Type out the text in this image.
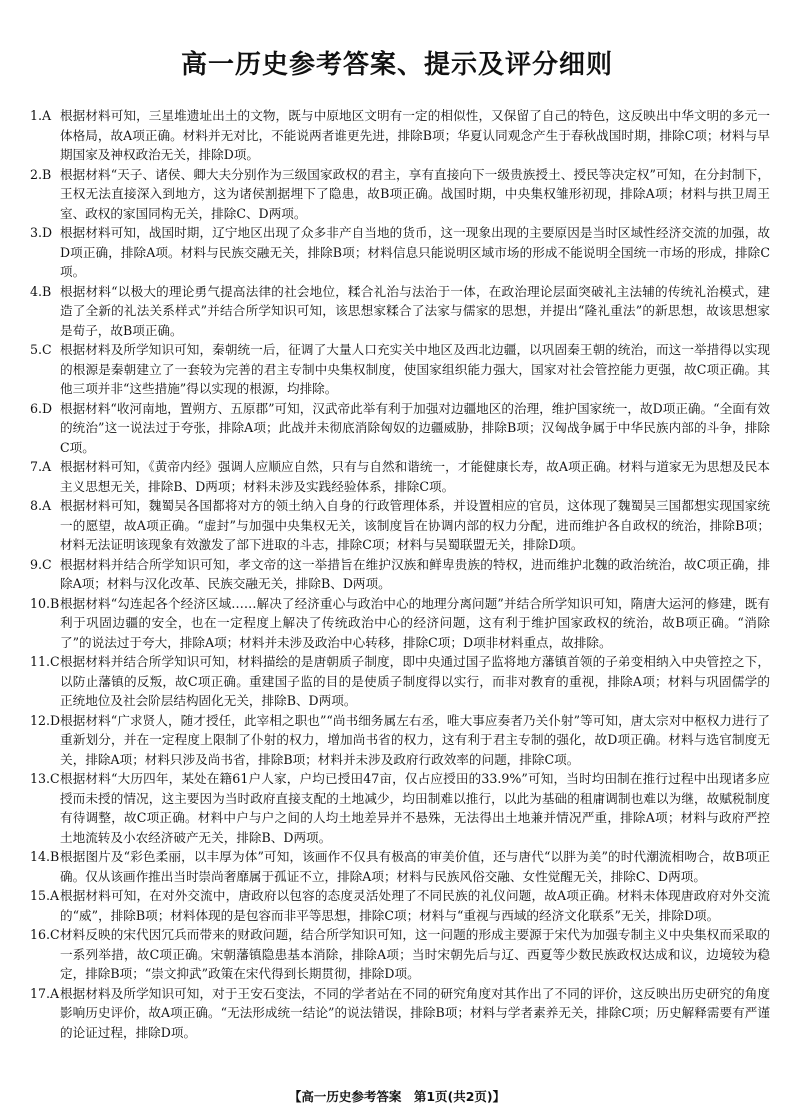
高一历史参考答案、提示及评分细则
1.A 根据材料可知，三星堆遗址出土的文物，既与中原地区文明有一定的相似性，又保留了自己的特色，这反映出中华文明的多元一体格局，故A项正确。材料并无对比，不能说两者谁更先进，排除B项；华夏认同观念产生于春秋战国时期，排除C项；材料与早期国家及神权政治无关，排除D项。
2.B 根据材料“天子、诸侯、卿大夫分别作为三级国家政权的君主，享有直接向下一级贵族授土、授民等决定权”可知，在分封制下，王权无法直接深入到地方，这为诸侯割据埋下了隐患，故B项正确。战国时期，中央集权雏形初现，排除A项；材料与拱卫周王室、政权的家国同构无关，排除C、D两项。
3.D 根据材料可知，战国时期，辽宁地区出现了众多非产自当地的货币，这一现象出现的主要原因是当时区域性经济交流的加强，故D项正确，排除A项。材料与民族交融无关，排除B项；材料信息只能说明区域市场的形成不能说明全国统一市场的形成，排除C项。
4.B 根据材料“以极大的理论勇气提高法律的社会地位，糅合礼治与法治于一体，在政治理论层面突破礼主法辅的传统礼治模式，建造了全新的礼法关系样式”并结合所学知识可知，该思想家糅合了法家与儒家的思想，并提出“隆礼重法”的新思想，故该思想家是荀子，故B项正确。
5.C 根据材料及所学知识可知，秦朝统一后，征调了大量人口充实关中地区及西北边疆，以巩固秦王朝的统治，而这一举措得以实现的根源是秦朝建立了一套较为完善的君主专制中央集权制度，使国家组织能力强大，国家对社会管控能力更强，故C项正确。其他三项并非“这些措施”得以实现的根源，均排除。
6.D 根据材料“收河南地，置朔方、五原郡”可知，汉武帝此举有利于加强对边疆地区的治理，维护国家统一，故D项正确。“全面有效的统治”这一说法过于夸张，排除A项；此战并未彻底消除匈奴的边疆威胁，排除B项；汉匈战争属于中华民族内部的斗争，排除C项。
7.A 根据材料可知，《黄帝内经》强调人应顺应自然，只有与自然和谐统一，才能健康长寿，故A项正确。材料与道家无为思想及民本主义思想无关，排除B、D两项；材料未涉及实践经验体系，排除C项。
8.A 根据材料可知，魏蜀吴各国都将对方的领土纳入自身的行政管理体系，并设置相应的官员，这体现了魏蜀吴三国都想实现国家统一的愿望，故A项正确。“虚封”与加强中央集权无关，该制度旨在协调内部的权力分配，进而维护各自政权的统治，排除B项；材料无法证明该现象有效激发了部下进取的斗志，排除C项；材料与吴蜀联盟无关，排除D项。
9.C 根据材料并结合所学知识可知，孝文帝的这一举措旨在维护汉族和鲜卑贵族的特权，进而维护北魏的政治统治，故C项正确，排除A项；材料与汉化改革、民族交融无关，排除B、D两项。
10.B 根据材料“勾连起各个经济区域……解决了经济重心与政治中心的地理分离问题”并结合所学知识可知，隋唐大运河的修建，既有利于巩固边疆的安全，也在一定程度上解决了传统政治中心的经济问题，这有利于维护国家政权的统治，故B项正确。“消除了”的说法过于夸大，排除A项；材料并未涉及政治中心转移，排除C项；D项非材料重点，故排除。
11.C 根据材料并结合所学知识可知，材料描绘的是唐朝质子制度，即中央通过国子监将地方藩镇首领的子弟变相纳入中央管控之下，以防止藩镇的反叛，故C项正确。重建国子监的目的是使质子制度得以实行，而非对教育的重视，排除A项；材料与巩固儒学的正统地位及社会阶层结构固化无关，排除B、D两项。
12.D 根据材料“广求贤人，随才授任，此宰相之职也”“尚书细务属左右丞，唯大事应奏者乃关仆射”等可知，唐太宗对中枢权力进行了重新划分，并在一定程度上限制了仆射的权力，增加尚书省的权力，这有利于君主专制的强化，故D项正确。材料与选官制度无关，排除A项；材料只涉及尚书省，排除B项；材料并未涉及政府行政效率的问题，排除C项。
13.C 根据材料“大历四年，某处在籍61户人家，户均已授田47亩，仅占应授田的33.9%”可知，当时均田制在推行过程中出现诸多应授而未授的情况，这主要因为当时政府直接支配的土地减少，均田制难以推行，以此为基础的租庸调制也难以为继，故赋税制度有待调整，故C项正确。材料中户与户之间的人均土地差异并不悬殊，无法得出土地兼并情况严重，排除A项；材料与政府严控土地流转及小农经济破产无关，排除B、D两项。
14.B 根据图片及“彩色柔丽，以丰厚为体”可知，该画作不仅具有极高的审美价值，还与唐代“以胖为美”的时代潮流相吻合，故B项正确。仅从该画作推出当时崇尚奢靡属于孤证不立，排除A项；材料与民族风俗交融、女性觉醒无关，排除C、D两项。
15.A 根据材料可知，在对外交流中，唐政府以包容的态度灵活处理了不同民族的礼仪问题，故A项正确。材料未体现唐政府对外交流的“威”，排除B项；材料体现的是包容而非平等思想，排除C项；材料与“重视与西域的经济文化联系”无关，排除D项。
16.C 材料反映的宋代因冗兵而带来的财政问题，结合所学知识可知，这一问题的形成主要源于宋代为加强专制主义中央集权而采取的一系列举措，故C项正确。宋朝藩镇隐患基本消除，排除A项；当时宋朝先后与辽、西夏等少数民族政权达成和议，边境较为稳定，排除B项；“崇文抑武”政策在宋代得到长期贯彻，排除D项。
17.A 根据材料及所学知识可知，对于王安石变法，不同的学者站在不同的研究角度对其作出了不同的评价，这反映出历史研究的角度影响历史评价，故A项正确。“无法形成统一结论”的说法错误，排除B项；材料与学者素养无关，排除C项；历史解释需要有严谨的论证过程，排除D项。
【高一历史参考答案　第1页(共2页)】
